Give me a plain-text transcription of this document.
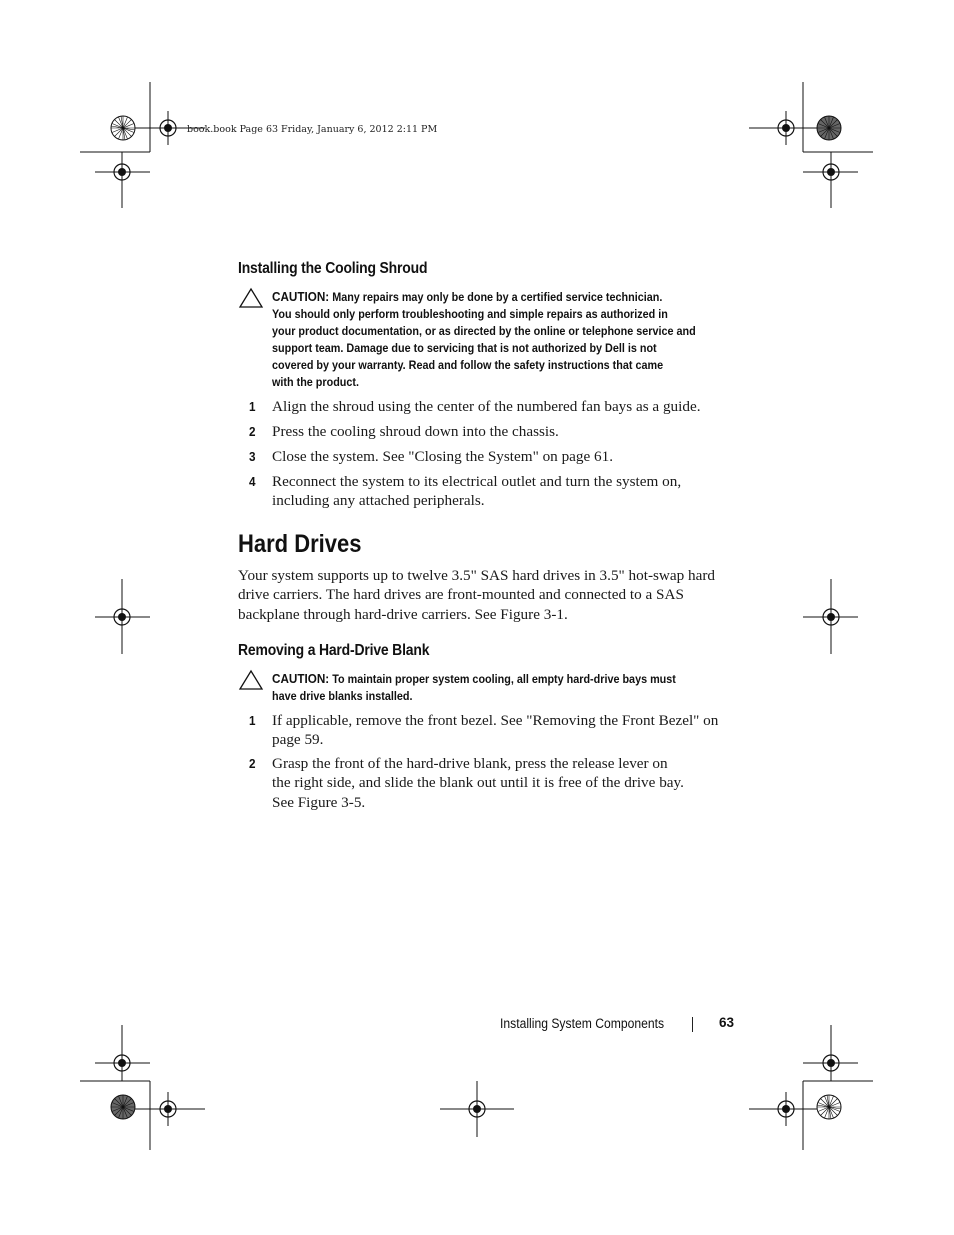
book.book Page 63 Friday, January 6, 2012 2:11 PM
Installing the Cooling Shroud
CAUTION: Many repairs may only be done by a certified service technician.
You should only perform troubleshooting and simple repairs as authorized in
your product documentation, or as directed by the online or telephone service and
support team. Damage due to servicing that is not authorized by Dell is not
covered by your warranty. Read and follow the safety instructions that came
with the product.
1 Align the shroud using the center of the numbered fan bays as a guide.
2 Press the cooling shroud down into the chassis.
3 Close the system. See "Closing the System" on page 61.
4 Reconnect the system to its electrical outlet and turn the system on,
including any attached peripherals.
Hard Drives
Your system supports up to twelve 3.5" SAS hard drives in 3.5" hot-swap hard
drive carriers. The hard drives are front-mounted and connected to a SAS
backplane through hard-drive carriers. See Figure 3-1.
Removing a Hard-Drive Blank
CAUTION: To maintain proper system cooling, all empty hard-drive bays must
have drive blanks installed.
1 If applicable, remove the front bezel. See "Removing the Front Bezel" on
page 59.
2 Grasp the front of the hard-drive blank, press the release lever on
the right side, and slide the blank out until it is free of the drive bay.
See Figure 3-5.
Installing System Components	63
